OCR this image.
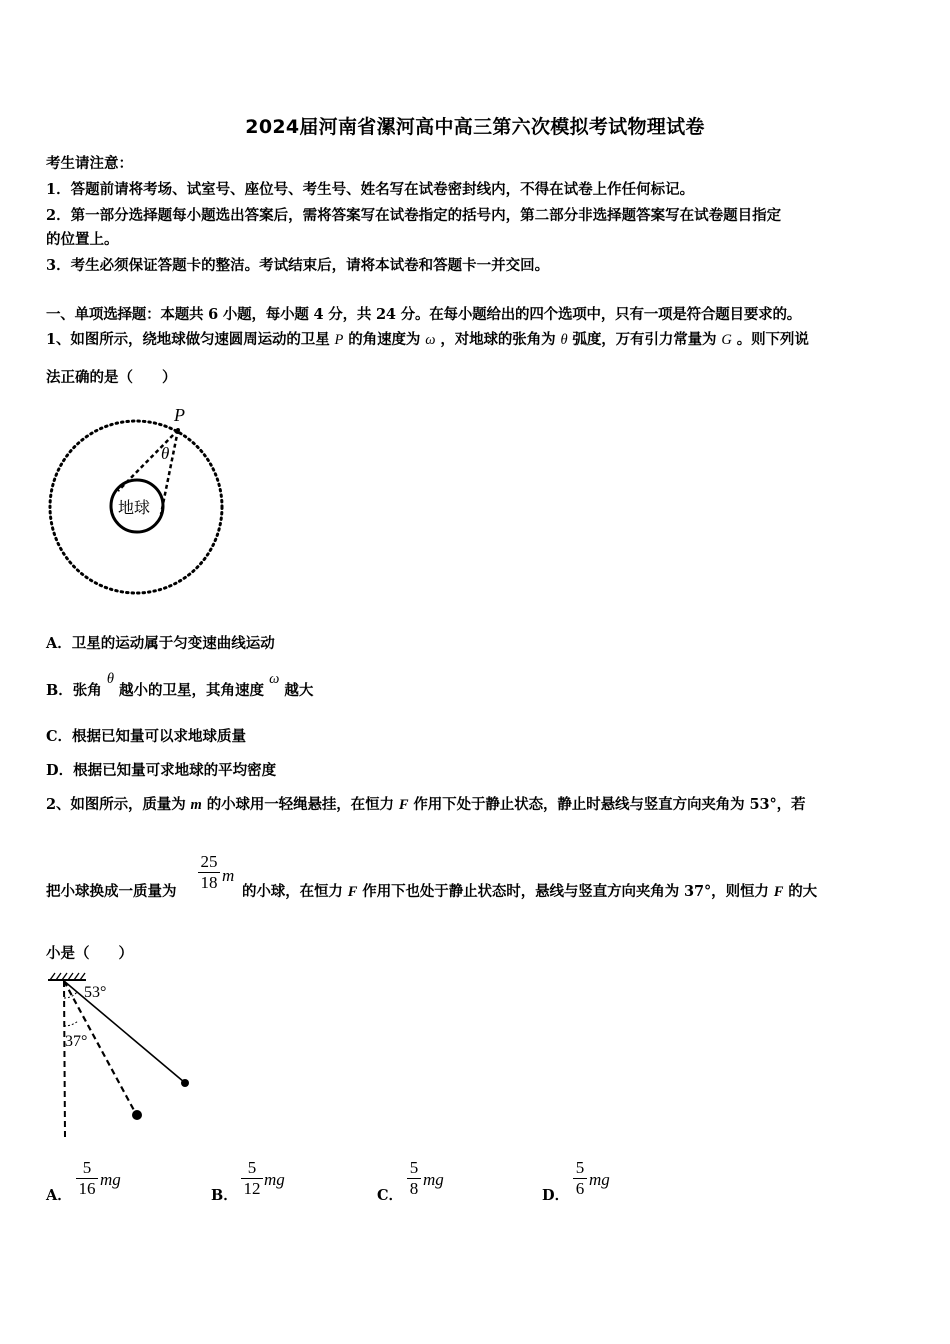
2024届河南省漯河高中高三第六次模拟考试物理试卷
考生请注意：
1．答题前请将考场、试室号、座位号、考生号、姓名写在试卷密封线内，不得在试卷上作任何标记。
2．第一部分选择题每小题选出答案后，需将答案写在试卷指定的括号内，第二部分非选择题答案写在试卷题目指定
的位置上。
3．考生必须保证答题卡的整洁。考试结束后，请将本试卷和答题卡一并交回。
一、单项选择题：本题共 6 小题，每小题 4 分，共 24 分。在每小题给出的四个选项中，只有一项是符合题目要求的。
1、如图所示，绕地球做匀速圆周运动的卫星 P 的角速度为 ω ，对地球的张角为 θ 弧度，万有引力常量为 G 。则下列说
法正确的是（　　）
P
θ
地球
A．卫星的运动属于匀变速曲线运动
B．张角 θ 越小的卫星，其角速度 ω 越大
C．根据已知量可以求地球质量
D．根据已知量可求地球的平均密度
2、如图所示，质量为 m 的小球用一轻绳悬挂，在恒力 F 作用下处于静止状态，静止时悬线与竖直方向夹角为 53°，若
25
18 m
把小球换成一质量为	的小球，在恒力 F 作用下也处于静止状态时，悬线与竖直方向夹角为 37°，则恒力 F 的大
小是（　　）
53°
37°
A．
5
16 mg
B．
5
12 mg
C．
5
8 mg
D．
5
6 mg
